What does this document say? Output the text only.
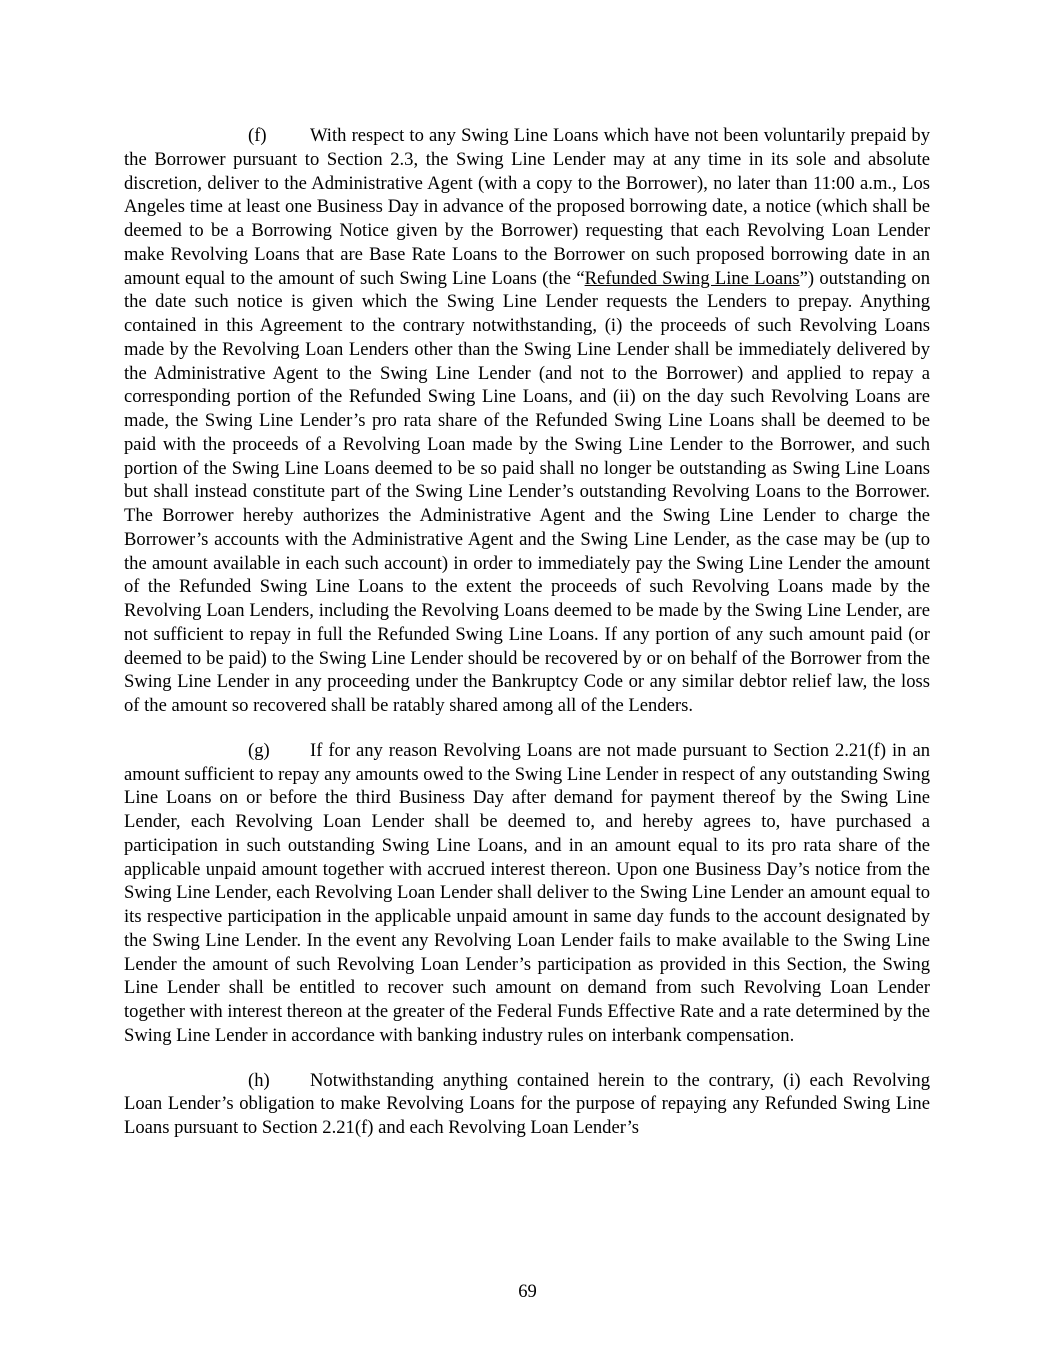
(f) With respect to any Swing Line Loans which have not been voluntarily prepaid by the Borrower pursuant to Section 2.3, the Swing Line Lender may at any time in its sole and absolute discretion, deliver to the Administrative Agent (with a copy to the Borrower), no later than 11:00 a.m., Los Angeles time at least one Business Day in advance of the proposed borrowing date, a notice (which shall be deemed to be a Borrowing Notice given by the Borrower) requesting that each Revolving Loan Lender make Revolving Loans that are Base Rate Loans to the Borrower on such proposed borrowing date in an amount equal to the amount of such Swing Line Loans (the “Refunded Swing Line Loans”) outstanding on the date such notice is given which the Swing Line Lender requests the Lenders to prepay. Anything contained in this Agreement to the contrary notwithstanding, (i) the proceeds of such Revolving Loans made by the Revolving Loan Lenders other than the Swing Line Lender shall be immediately delivered by the Administrative Agent to the Swing Line Lender (and not to the Borrower) and applied to repay a corresponding portion of the Refunded Swing Line Loans, and (ii) on the day such Revolving Loans are made, the Swing Line Lender’s pro rata share of the Refunded Swing Line Loans shall be deemed to be paid with the proceeds of a Revolving Loan made by the Swing Line Lender to the Borrower, and such portion of the Swing Line Loans deemed to be so paid shall no longer be outstanding as Swing Line Loans but shall instead constitute part of the Swing Line Lender’s outstanding Revolving Loans to the Borrower. The Borrower hereby authorizes the Administrative Agent and the Swing Line Lender to charge the Borrower’s accounts with the Administrative Agent and the Swing Line Lender, as the case may be (up to the amount available in each such account) in order to immediately pay the Swing Line Lender the amount of the Refunded Swing Line Loans to the extent the proceeds of such Revolving Loans made by the Revolving Loan Lenders, including the Revolving Loans deemed to be made by the Swing Line Lender, are not sufficient to repay in full the Refunded Swing Line Loans. If any portion of any such amount paid (or deemed to be paid) to the Swing Line Lender should be recovered by or on behalf of the Borrower from the Swing Line Lender in any proceeding under the Bankruptcy Code or any similar debtor relief law, the loss of the amount so recovered shall be ratably shared among all of the Lenders.

(g) If for any reason Revolving Loans are not made pursuant to Section 2.21(f) in an amount sufficient to repay any amounts owed to the Swing Line Lender in respect of any outstanding Swing Line Loans on or before the third Business Day after demand for payment thereof by the Swing Line Lender, each Revolving Loan Lender shall be deemed to, and hereby agrees to, have purchased a participation in such outstanding Swing Line Loans, and in an amount equal to its pro rata share of the applicable unpaid amount together with accrued interest thereon. Upon one Business Day’s notice from the Swing Line Lender, each Revolving Loan Lender shall deliver to the Swing Line Lender an amount equal to its respective participation in the applicable unpaid amount in same day funds to the account designated by the Swing Line Lender. In the event any Revolving Loan Lender fails to make available to the Swing Line Lender the amount of such Revolving Loan Lender’s participation as provided in this Section, the Swing Line Lender shall be entitled to recover such amount on demand from such Revolving Loan Lender together with interest thereon at the greater of the Federal Funds Effective Rate and a rate determined by the Swing Line Lender in accordance with banking industry rules on interbank compensation.

(h) Notwithstanding anything contained herein to the contrary, (i) each Revolving Loan Lender’s obligation to make Revolving Loans for the purpose of repaying any Refunded Swing Line Loans pursuant to Section 2.21(f) and each Revolving Loan Lender’s

69
